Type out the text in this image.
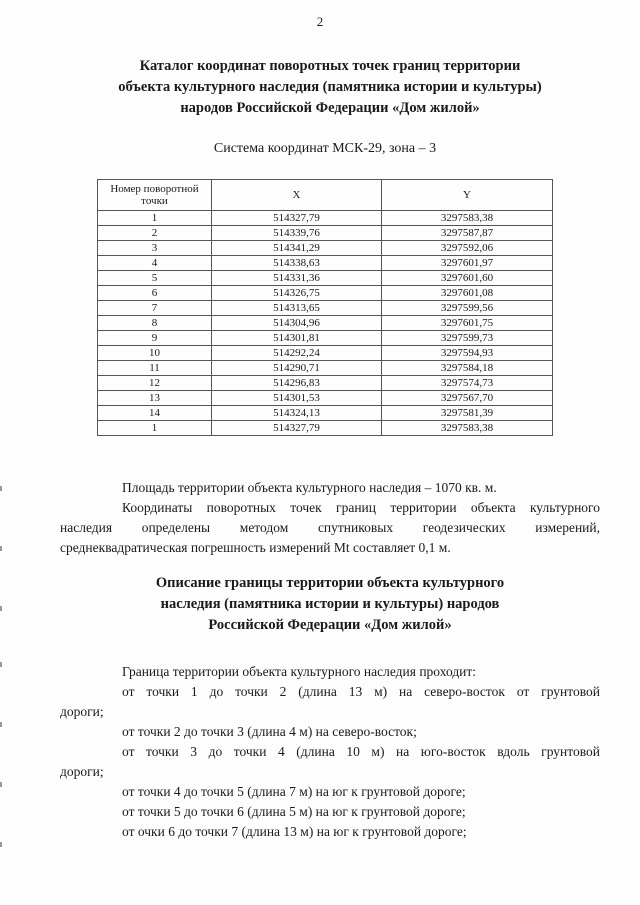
2
Каталог координат поворотных точек границ территории
объекта культурного наследия (памятника истории и культуры)
народов Российской Федерации «Дом жилой»
Система координат МСК-29, зона – 3
Номер поворотной точки	X	Y
1	514327,79	3297583,38
2	514339,76	3297587,87
3	514341,29	3297592,06
4	514338,63	3297601,97
5	514331,36	3297601,60
6	514326,75	3297601,08
7	514313,65	3297599,56
8	514304,96	3297601,75
9	514301,81	3297599,73
10	514292,24	3297594,93
11	514290,71	3297584,18
12	514296,83	3297574,73
13	514301,53	3297567,70
14	514324,13	3297581,39
1	514327,79	3297583,38
Площадь территории объекта культурного наследия – 1070 кв. м.
Координаты поворотных точек границ территории объекта культурного
наследия определены методом спутниковых геодезических измерений,
среднеквадратическая погрешность измерений Мt составляет 0,1 м.
Описание границы территории объекта культурного
наследия (памятника истории и культуры) народов
Российской Федерации «Дом жилой»
Граница территории объекта культурного наследия проходит:
от точки 1 до точки 2 (длина 13 м) на северо-восток от грунтовой
дороги;
от точки 2 до точки 3 (длина 4 м) на северо-восток;
от точки 3 до точки 4 (длина 10 м) на юго-восток вдоль грунтовой
дороги;
от точки 4 до точки 5 (длина 7 м) на юг к грунтовой дороге;
от точки 5 до точки 6 (длина 5 м) на юг к грунтовой дороге;
от очки 6 до точки 7 (длина 13 м) на юг к грунтовой дороге;
